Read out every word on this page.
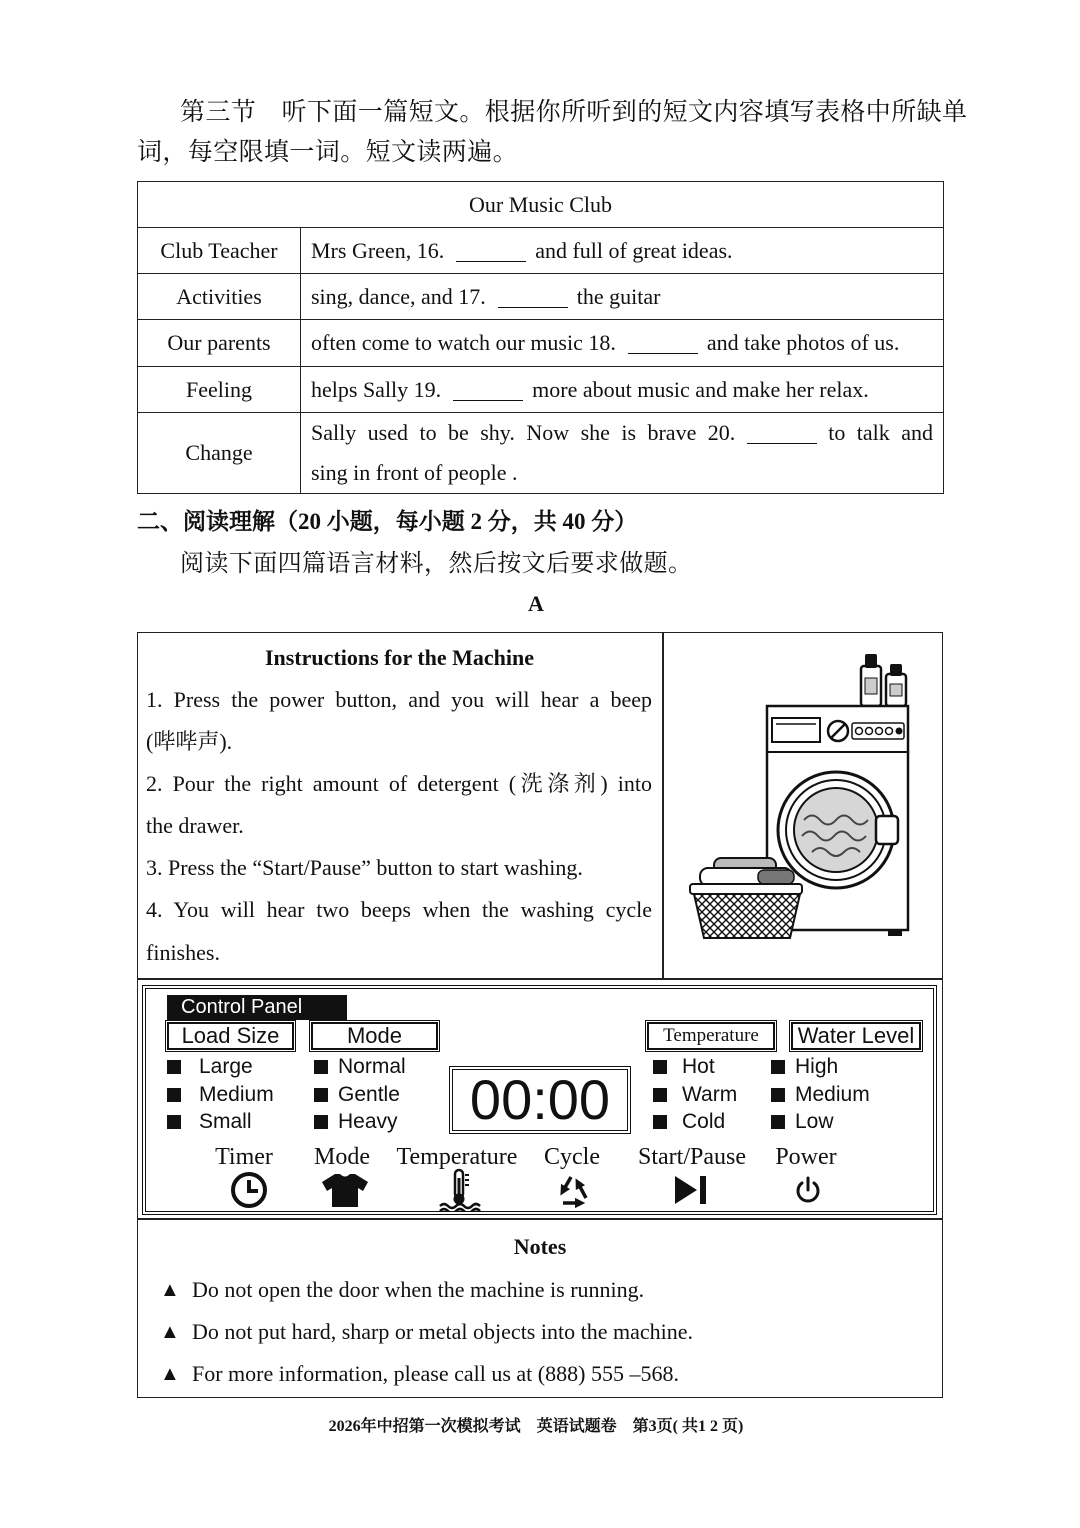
第三节　听下面一篇短文。根据你所听到的短文内容填写表格中所缺单
词，每空限填一词。短文读两遍。
Our Music Club	
Club Teacher	Mrs Green, 16. and full of great ideas.
Activities	sing, dance, and 17. the guitar
Our parents	often come to watch our music 18. and take photos of us.
Feeling	helps Sally 19. more about music and make her relax.
Change	Sally used to be shy. Now she is brave 20. to talk and
sing in front of people .
二、阅读理解（20 小题，每小题 2 分，共 40 分）
阅读下面四篇语言材料，然后按文后要求做题。
A
Instructions for the Machine
1. Press the power button, and you will hear a beep
(哔哔声).
2. Pour the right amount of detergent (洗涤剂) into
the drawer.
3. Press the “Start/Pause” button to start washing.
4. You will hear two beeps when the washing cycle
finishes.
Control Panel
Load Size	Mode	Temperature	Water Level
Large
Medium
Small
Normal
Gentle
Heavy	00:00
Hot
Warm
Cold
High
Medium
Low
Timer	Mode	Temperature	Cycle	Start/Pause	Power
Notes
▲ Do not open the door when the machine is running.
▲ Do not put hard, sharp or metal objects into the machine.
▲ For more information, please call us at (888) 555 –568.
2026年中招第一次模拟考试　英语试题卷　第3页( 共1 2 页)
